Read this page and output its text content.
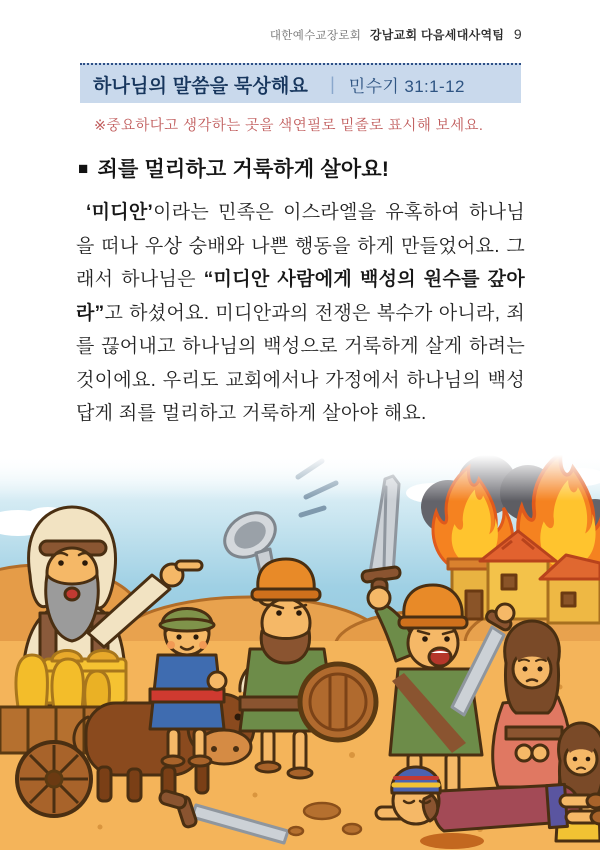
대한예수교장로회 강남교회 다음세대사역팀 9
하나님의 말씀을 묵상해요 | 민수기 31:1-12
※중요하다고 생각하는 곳을 색연필로 밑줄로 표시해 보세요.
■ 죄를 멀리하고 거룩하게 살아요!
‘미디안’이라는 민족은 이스라엘을 유혹하여 하나님을 떠나 우상 숭배와 나쁜 행동을 하게 만들었어요. 그래서 하나님은 “미디안 사람에게 백성의 원수를 갚아라”고 하셨어요. 미디안과의 전쟁은 복수가 아니라, 죄를 끊어내고 하나님의 백성으로 거룩하게 살게 하려는 것이에요. 우리도 교회에서나 가정에서 하나님의 백성답게 죄를 멀리하고 거룩하게 살아야 해요.
